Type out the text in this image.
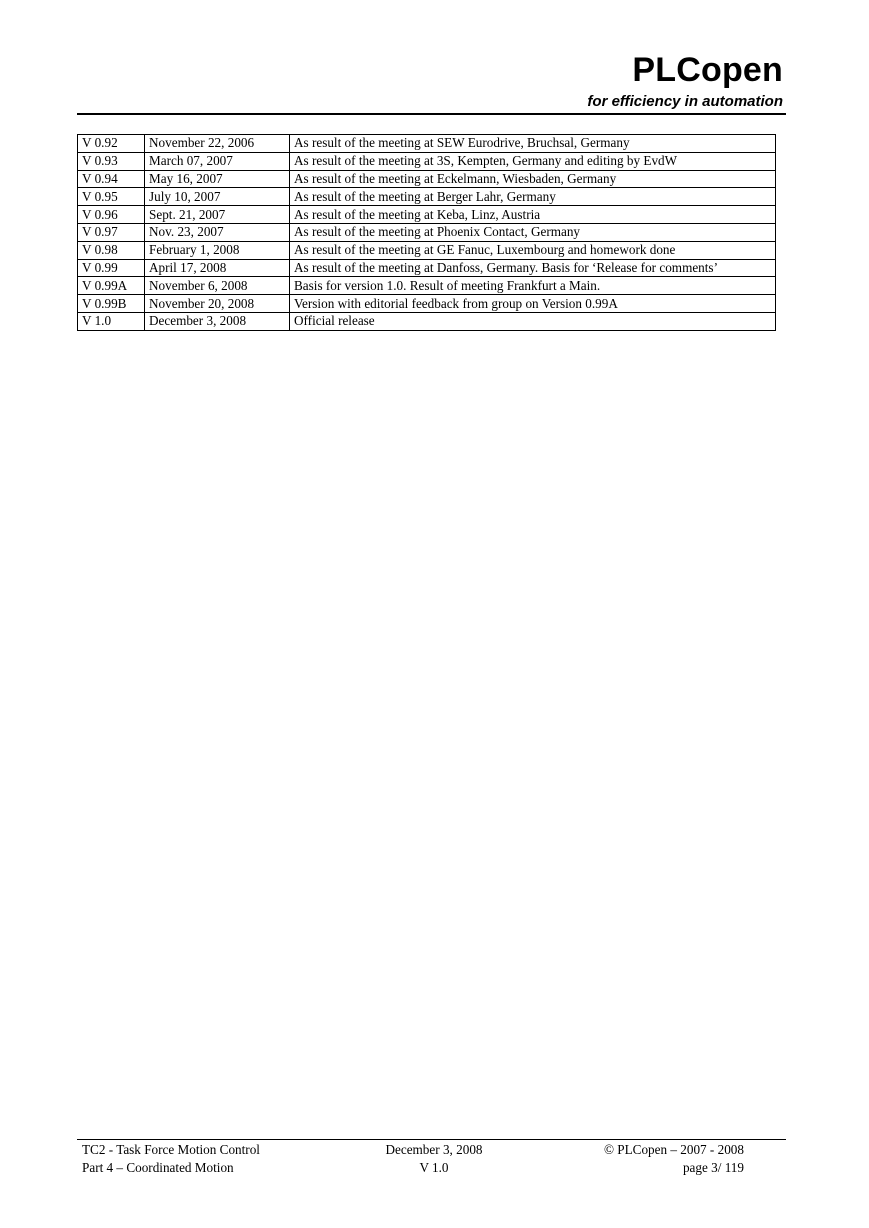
PLCopen
for efficiency in automation
V 0.92	November 22, 2006	As result of the meeting at SEW Eurodrive, Bruchsal, Germany
V 0.93	March 07, 2007	As result of the meeting at 3S, Kempten, Germany and editing by EvdW
V 0.94	May 16, 2007	As result of the meeting at Eckelmann, Wiesbaden, Germany
V 0.95	July 10, 2007	As result of the meeting at Berger Lahr, Germany
V 0.96	Sept. 21, 2007	As result of the meeting at Keba, Linz, Austria
V 0.97	Nov. 23, 2007	As result of the meeting at Phoenix Contact, Germany
V 0.98	February 1, 2008	As result of the meeting at GE Fanuc, Luxembourg and homework done
V 0.99	April 17, 2008	As result of the meeting at Danfoss, Germany. Basis for ‘Release for comments’
V 0.99A	November 6, 2008	Basis for version 1.0. Result of meeting Frankfurt a Main.
V 0.99B	November 20, 2008	Version with editorial feedback from group on Version 0.99A
V 1.0	December 3, 2008	Official release
TC2 - Task Force Motion Control
Part 4 – Coordinated Motion
December 3, 2008
V 1.0
© PLCopen – 2007 - 2008
page 3/ 119
